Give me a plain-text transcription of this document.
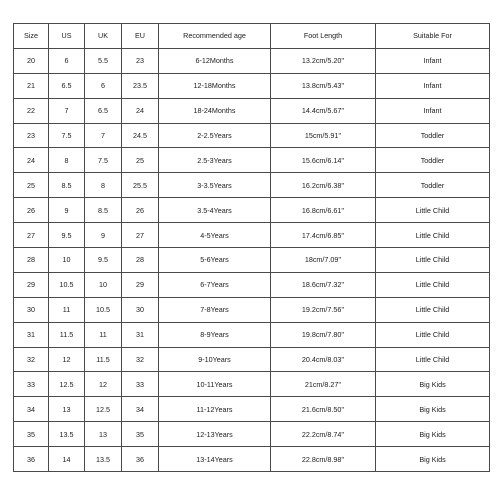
Size	US	UK	EU	Recommended age	Foot Length	Suitable For
20	6	5.5	23	6-12Months	13.2cm/5.20''	Infant
21	6.5	6	23.5	12-18Months	13.8cm/5.43''	Infant
22	7	6.5	24	18-24Months	14.4cm/5.67''	Infant
23	7.5	7	24.5	2-2.5Years	15cm/5.91''	Toddler
24	8	7.5	25	2.5-3Years	15.6cm/6.14''	Toddler
25	8.5	8	25.5	3-3.5Years	16.2cm/6.38''	Toddler
26	9	8.5	26	3.5-4Years	16.8cm/6.61''	Little Child
27	9.5	9	27	4-5Years	17.4cm/6.85''	Little Child
28	10	9.5	28	5-6Years	18cm/7.09''	Little Child
29	10.5	10	29	6-7Years	18.6cm/7.32''	Little Child
30	11	10.5	30	7-8Years	19.2cm/7.56''	Little Child
31	11.5	11	31	8-9Years	19.8cm/7.80''	Little Child
32	12	11.5	32	9-10Years	20.4cm/8.03''	Little Child
33	12.5	12	33	10-11Years	21cm/8.27''	Big Kids
34	13	12.5	34	11-12Years	21.6cm/8.50''	Big Kids
35	13.5	13	35	12-13Years	22.2cm/8.74''	Big Kids
36	14	13.5	36	13-14Years	22.8cm/8.98''	Big Kids
